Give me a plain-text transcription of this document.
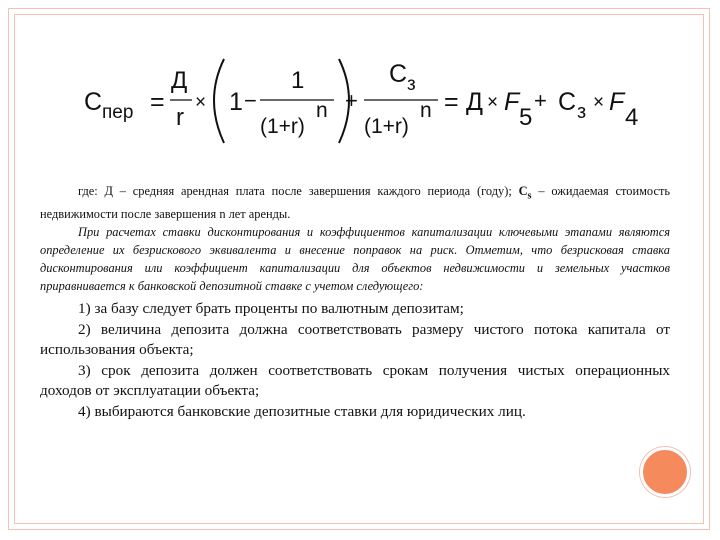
С пер =
Д
r
× 1 −
1
(1+r)
n +
С з
(1+r)
n = Д × F
5
+ С з × F
4

где: Д – средняя арендная плата после завершения каждого периода (году); $С_s$ – ожидаемая стоимость недвижимости после завершения n лет аренды.

При расчетах ставки дисконтирования и коэффициентов капитализации ключевыми этапами являются определение их безрискового эквивалента и внесение поправок на риск. Отметим, что безрисковая ставка дисконтирования или коэффициент капитализации для объектов недвижимости и земельных участков приравнивается к банковской депозитной ставке с учетом следующего:

1) за базу следует брать проценты по валютным депозитам;

2) величина депозита должна соответствовать размеру чистого потока капитала от использования объекта;

3) срок депозита должен соответствовать срокам получения чистых операционных доходов от эксплуатации объекта;

4) выбираются банковские депозитные ставки для юридических лиц.
